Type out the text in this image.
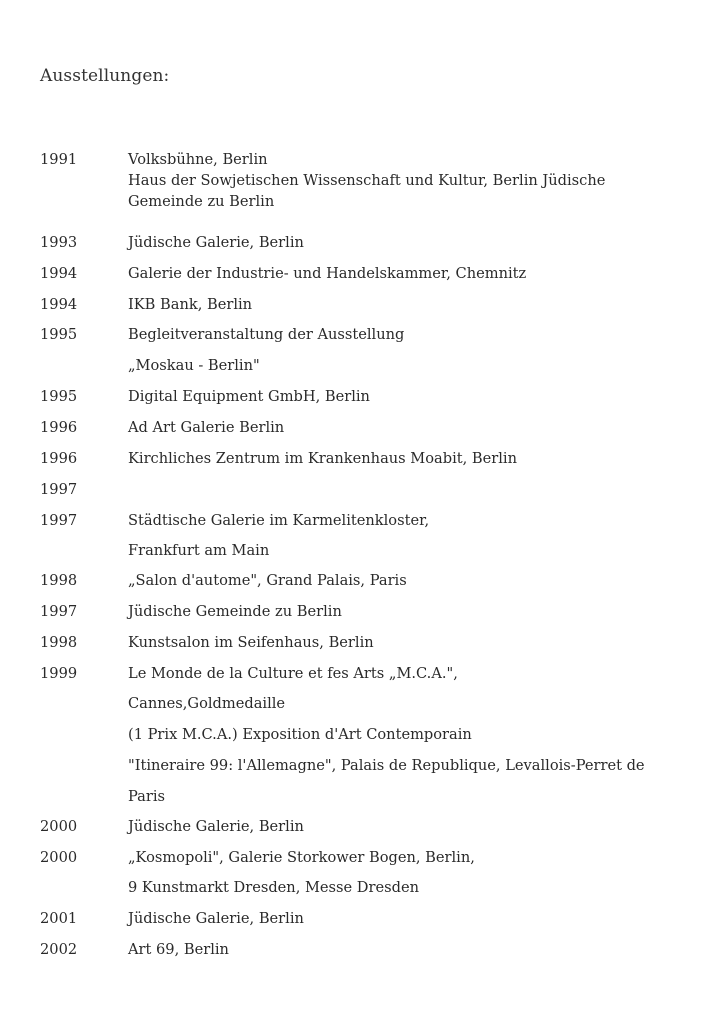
Ausstellungen:
1991	Volksbühne, Berlin
Haus der Sowjetischen Wissenschaft und Kultur, Berlin Jüdische
Gemeinde zu Berlin
1993	Jüdische Galerie, Berlin
1994	Galerie der Industrie- und Handelskammer, Chemnitz
1994	IKB Bank, Berlin
1995	Begleitveranstaltung der Ausstellung
„Moskau - Berlin"
1995	Digital Equipment GmbH, Berlin
1996	Ad Art Galerie Berlin
1996	Kirchliches Zentrum im Krankenhaus Moabit, Berlin
1997
1997	Städtische Galerie im Karmelitenkloster,
Frankfurt am Main
1998	„Salon d'autome", Grand Palais, Paris
1997	Jüdische Gemeinde zu Berlin
1998	Kunstsalon im Seifenhaus, Berlin
1999	Le Monde de la Culture et fes Arts „M.C.A.",
Cannes,Goldmedaille
(1 Prix M.C.A.) Exposition d'Art Contemporain
"Itineraire 99: l'Allemagne", Palais de Republique, Levallois-Perret de
Paris
2000	Jüdische Galerie, Berlin
2000	„Kosmopoli", Galerie Storkower Bogen, Berlin,
9 Kunstmarkt Dresden, Messe Dresden
2001	Jüdische Galerie, Berlin
2002	Art 69, Berlin
